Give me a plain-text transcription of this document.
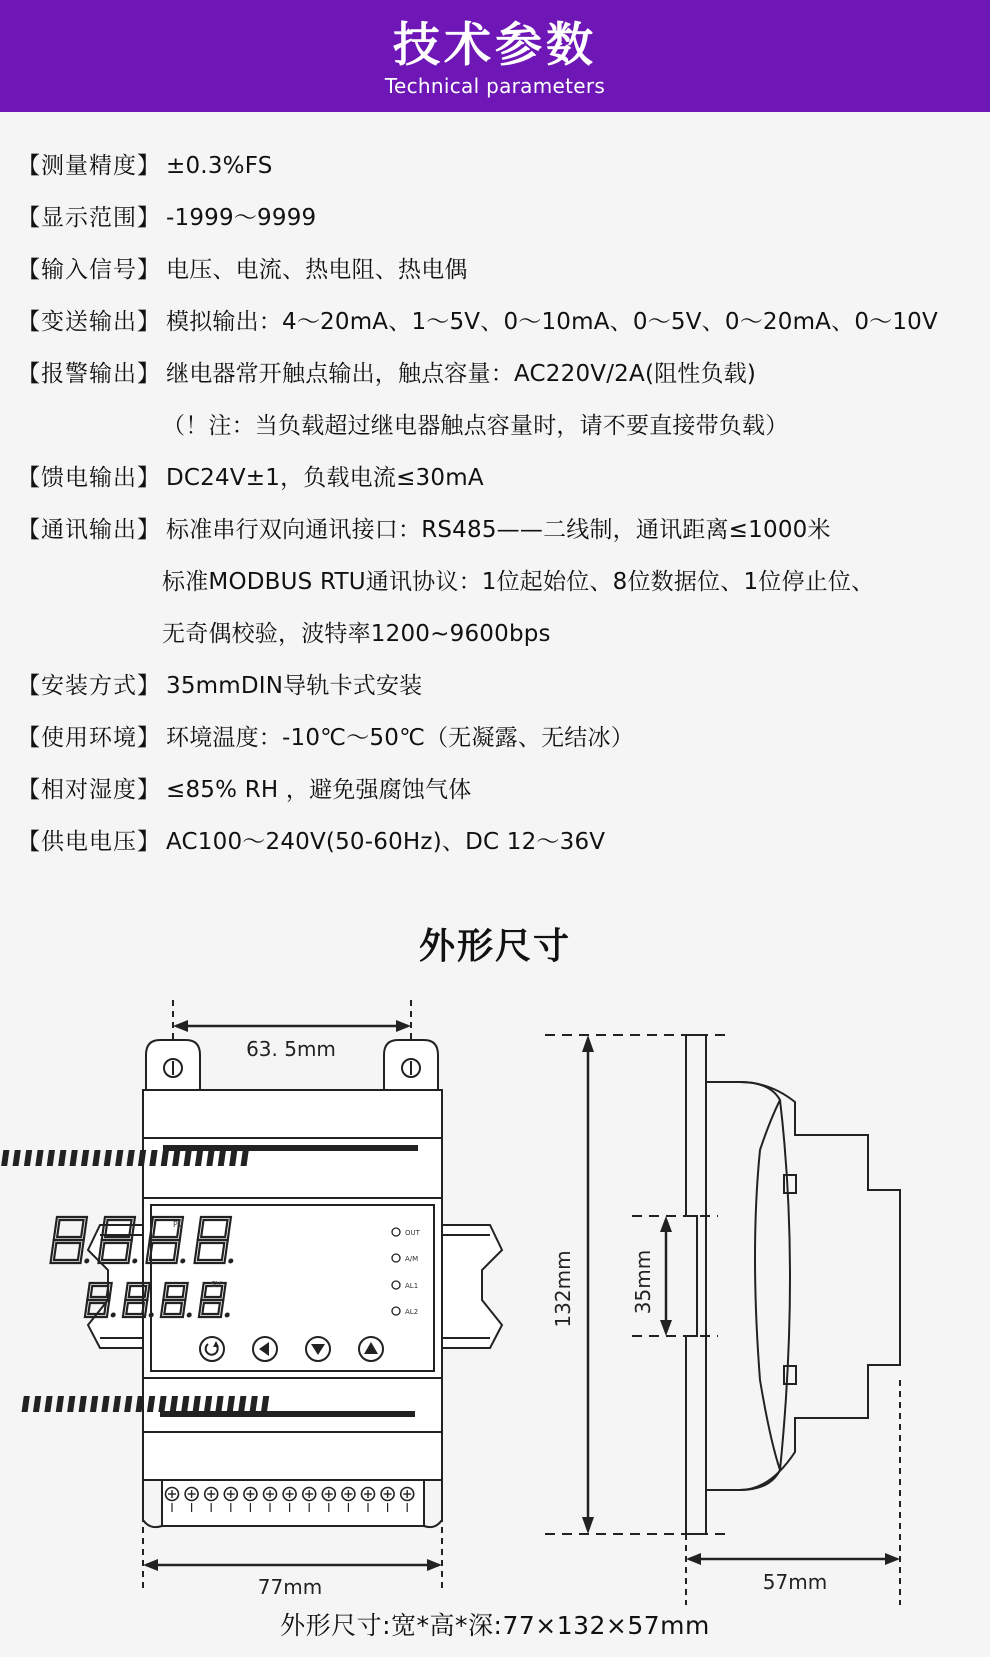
技术参数
Technical parameters
【测量精度】 ±0.3%FS
【显示范围】 -1999～9999
【输入信号】 电压、电流、热电阻、热电偶
【变送输出】 模拟输出：4～20mA、1～5V、0～10mA、0～5V、0～20mA、0～10V
【报警输出】 继电器常开触点输出，触点容量：AC220V/2A(阻性负载)
（！注：当负载超过继电器触点容量时，请不要直接带负载）
【馈电输出】 DC24V±1，负载电流≤30mA
【通讯输出】 标准串行双向通讯接口：RS485——二线制，通讯距离≤1000米
标准MODBUS RTU通讯协议：1位起始位、8位数据位、1位停止位、
无奇偶校验，波特率1200~9600bps
【安装方式】 35mmDIN导轨卡式安装
【使用环境】 环境温度：-10℃～50℃（无凝露、无结冰）
【相对湿度】 ≤85% RH ，避免强腐蚀气体
【供电电压】 AC100～240V(50-60Hz)、DC 12～36V
外形尺寸
PV
SV
OUT
A/M
AL1
AL2
63. 5mm
77mm
132mm	35mm
57mm
外形尺寸:宽*高*深:77×132×57mm
